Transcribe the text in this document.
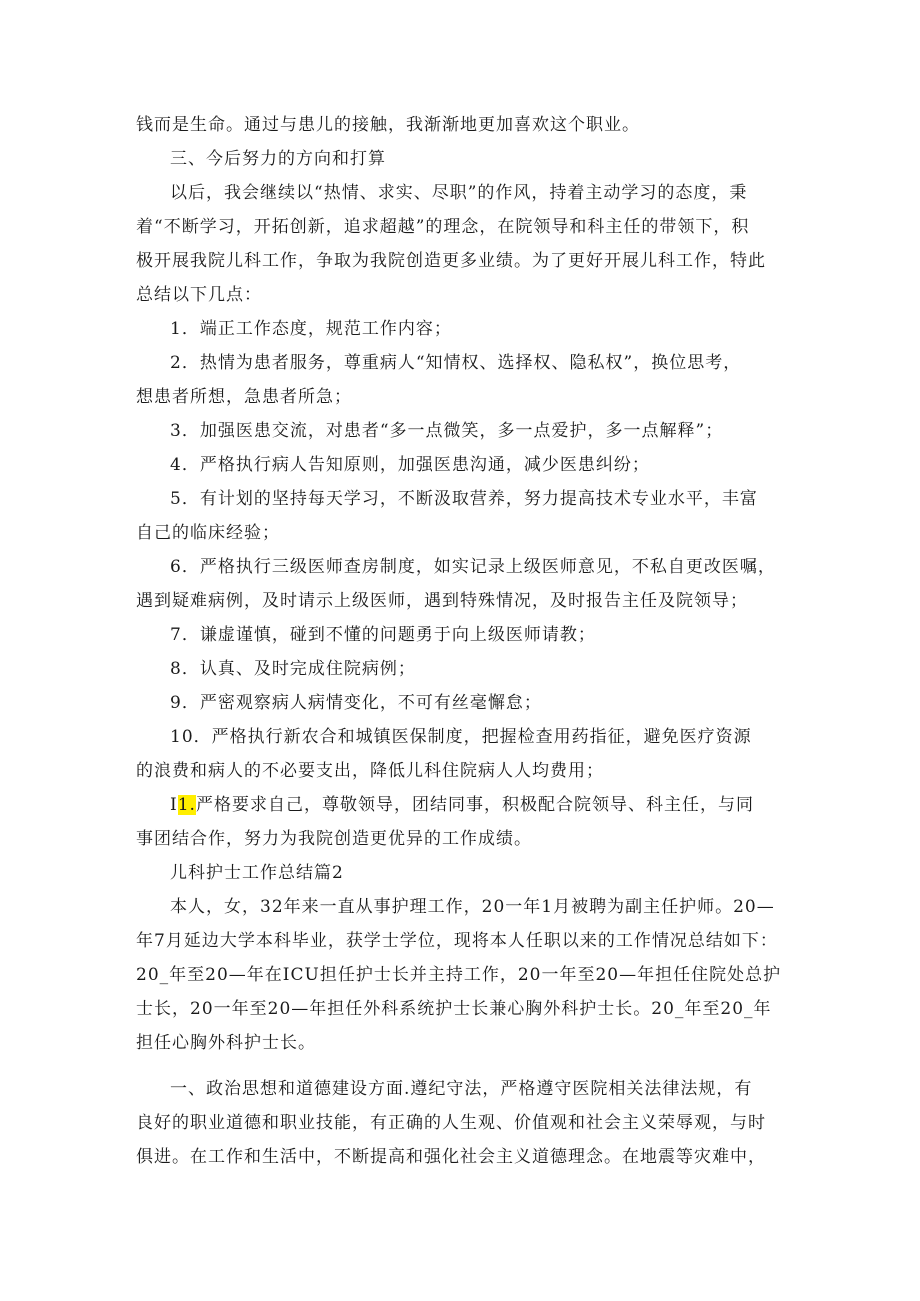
钱而是生命。通过与患儿的接触，我渐渐地更加喜欢这个职业。
三、今后努力的方向和打算
以后，我会继续以“热情、求实、尽职”的作风，持着主动学习的态度，秉
着“不断学习，开拓创新，追求超越”的理念，在院领导和科主任的带领下，积
极开展我院儿科工作，争取为我院创造更多业绩。为了更好开展儿科工作，特此
总结以下几点：
1．端正工作态度，规范工作内容；
2．热情为患者服务，尊重病人“知情权、选择权、隐私权”，换位思考，
想患者所想，急患者所急；
3．加强医患交流，对患者“多一点微笑，多一点爱护，多一点解释”；
4．严格执行病人告知原则，加强医患沟通，减少医患纠纷；
5．有计划的坚持每天学习，不断汲取营养，努力提高技术专业水平，丰富
自己的临床经验；
6．严格执行三级医师查房制度，如实记录上级医师意见，不私自更改医嘱，
遇到疑难病例，及时请示上级医师，遇到特殊情况，及时报告主任及院领导；
7．谦虚谨慎，碰到不懂的问题勇于向上级医师请教；
8．认真、及时完成住院病例；
9．严密观察病人病情变化，不可有丝毫懈怠；
10．严格执行新农合和城镇医保制度，把握检查用药指征，避免医疗资源
的浪费和病人的不必要支出，降低儿科住院病人人均费用；
I1.严格要求自己，尊敬领导，团结同事，积极配合院领导、科主任，与同
事团结合作，努力为我院创造更优异的工作成绩。
儿科护士工作总结篇2
本人，女，32年来一直从事护理工作，20一年1月被聘为副主任护师。20—
年7月延边大学本科毕业，获学士学位，现将本人任职以来的工作情况总结如下：
20_年至20—年在ICU担任护士长并主持工作，20一年至20—年担任住院处总护
士长，20一年至20—年担任外科系统护士长兼心胸外科护士长。20_年至20_年
担任心胸外科护士长。
一、政治思想和道德建设方面.遵纪守法，严格遵守医院相关法律法规，有
良好的职业道德和职业技能，有正确的人生观、价值观和社会主义荣辱观，与时
俱进。在工作和生活中，不断提高和强化社会主义道德理念。在地震等灾难中，
